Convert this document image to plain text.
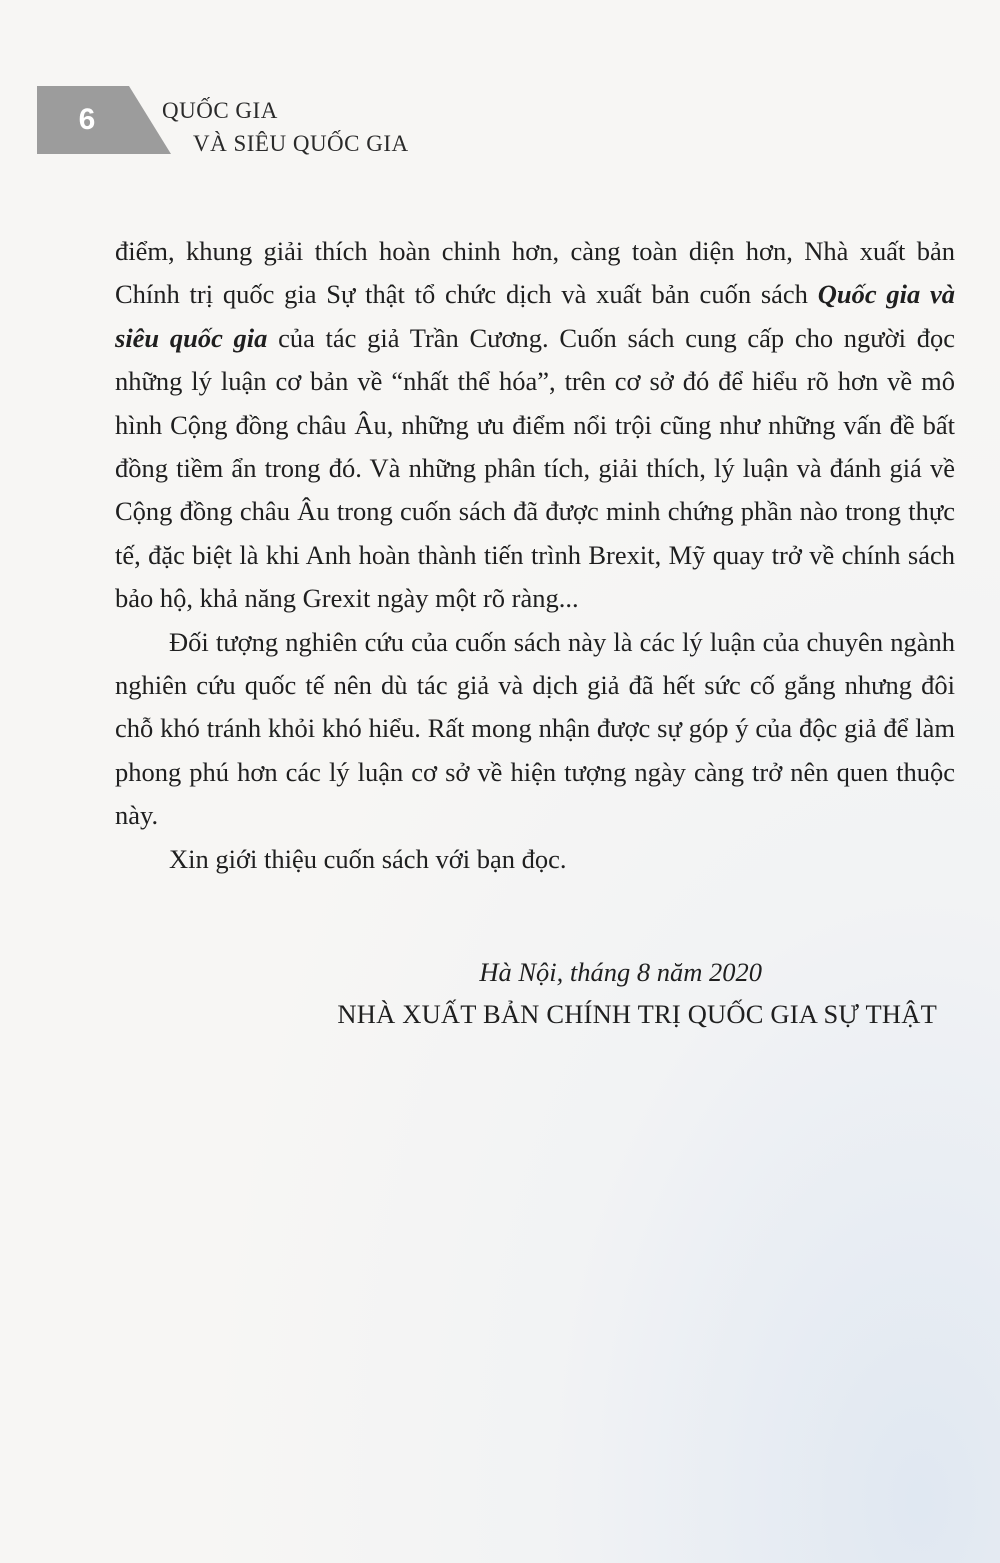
6	QUỐC GIA
VÀ SIÊU QUỐC GIA

điểm, khung giải thích hoàn chinh hơn, càng toàn diện hơn, Nhà xuất bản Chính trị quốc gia Sự thật tổ chức dịch và xuất bản cuốn sách Quốc gia và siêu quốc gia của tác giả Trần Cương. Cuốn sách cung cấp cho người đọc những lý luận cơ bản về “nhất thể hóa”, trên cơ sở đó để hiểu rõ hơn về mô hình Cộng đồng châu Âu, những ưu điểm nổi trội cũng như những vấn đề bất đồng tiềm ẩn trong đó. Và những phân tích, giải thích, lý luận và đánh giá về Cộng đồng châu Âu trong cuốn sách đã được minh chứng phần nào trong thực tế, đặc biệt là khi Anh hoàn thành tiến trình Brexit, Mỹ quay trở về chính sách bảo hộ, khả năng Grexit ngày một rõ ràng...

Đối tượng nghiên cứu của cuốn sách này là các lý luận của chuyên ngành nghiên cứu quốc tế nên dù tác giả và dịch giả đã hết sức cố gắng nhưng đôi chỗ khó tránh khỏi khó hiểu. Rất mong nhận được sự góp ý của độc giả để làm phong phú hơn các lý luận cơ sở về hiện tượng ngày càng trở nên quen thuộc này.

Xin giới thiệu cuốn sách với bạn đọc.

Hà Nội, tháng 8 năm 2020
NHÀ XUẤT BẢN CHÍNH TRỊ QUỐC GIA SỰ THẬT
